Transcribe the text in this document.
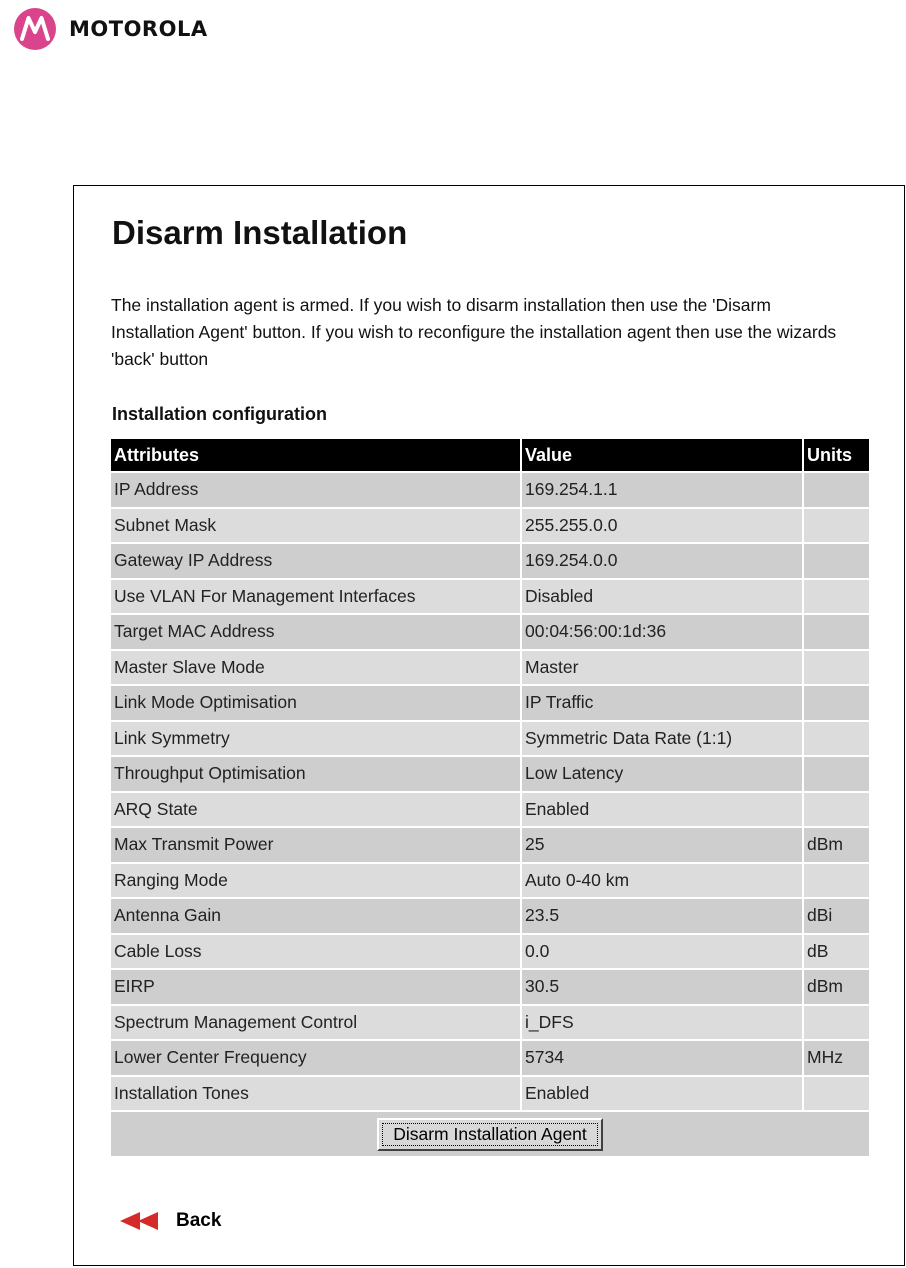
MOTOROLA
Disarm Installation

The installation agent is armed. If you wish to disarm installation then use the 'Disarm Installation Agent' button. If you wish to reconfigure the installation agent then use the wizards 'back' button

Installation configuration
Attributes	Value	Units
IP Address	169.254.1.1	
Subnet Mask	255.255.0.0	
Gateway IP Address	169.254.0.0	
Use VLAN For Management Interfaces	Disabled	
Target MAC Address	00:04:56:00:1d:36	
Master Slave Mode	Master	
Link Mode Optimisation	IP Traffic	
Link Symmetry	Symmetric Data Rate (1:1)	
Throughput Optimisation	Low Latency	
ARQ State	Enabled	
Max Transmit Power	25	dBm
Ranging Mode	Auto 0-40 km	
Antenna Gain	23.5	dBi
Cable Loss	0.0	dB
EIRP	30.5	dBm
Spectrum Management Control	i_DFS	
Lower Center Frequency	5734	MHz
Installation Tones	Enabled	
Disarm Installation Agent		
Back
